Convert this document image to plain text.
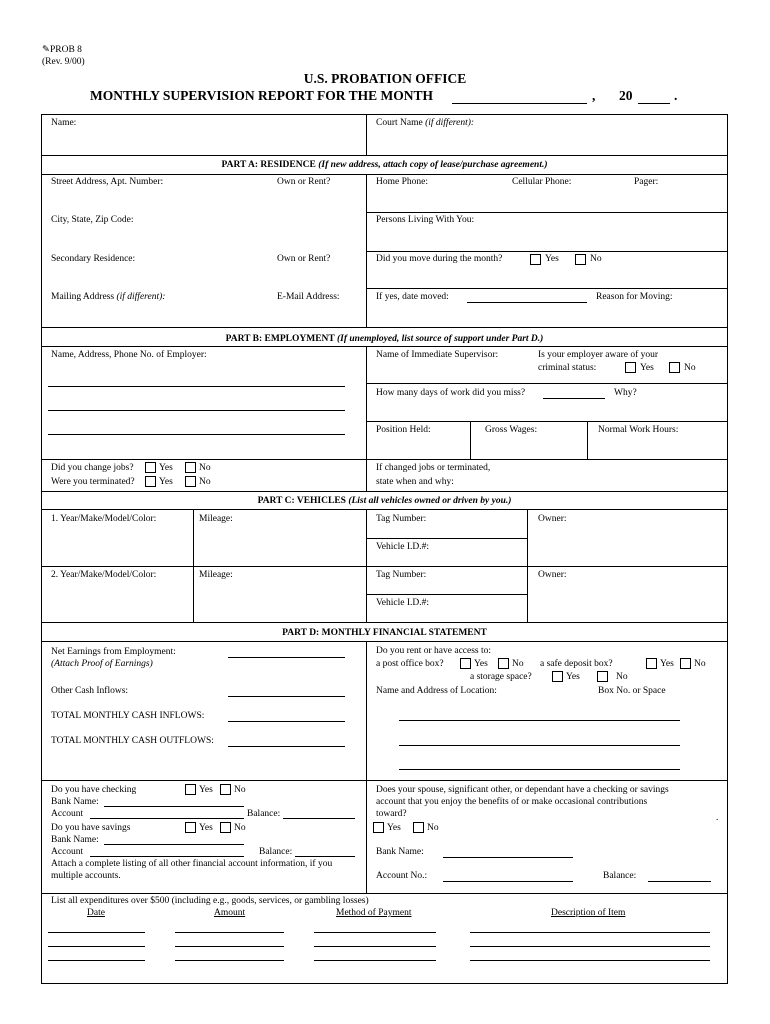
✎PROB 8
(Rev. 9/00)
U.S. PROBATION OFFICE
MONTHLY SUPERVISION REPORT FOR THE MONTH	, 20	.
Name:	Court Name (if different):
PART A: RESIDENCE (If new address, attach copy of lease/purchase agreement.)
Street Address, Apt. Number:	Own or Rent?	Home Phone:	Cellular Phone:	Pager:
City, State, Zip Code:	Persons Living With You:
Secondary Residence:	Own or Rent?	Did you move during the month?	Yes	No
Mailing Address (if different):	E-Mail Address:	If yes, date moved:	Reason for Moving:
PART B: EMPLOYMENT (If unemployed, list source of support under Part D.)
Name, Address, Phone No. of Employer:	Name of Immediate Supervisor:	Is your employer aware of your
criminal status:	Yes	No
How many days of work did you miss?	Why?
Position Held:	Gross Wages:	Normal Work Hours:
Did you change jobs?	Yes	No
Were you terminated?	Yes	No
If changed jobs or terminated,
state when and why:
PART C: VEHICLES (List all vehicles owned or driven by you.)
1. Year/Make/Model/Color:	Mileage:	Tag Number:	Owner:
Vehicle I.D.#:
2. Year/Make/Model/Color:	Mileage:	Tag Number:	Owner:
Vehicle I.D.#:
PART D: MONTHLY FINANCIAL STATEMENT
Net Earnings from Employment:
(Attach Proof of Earnings)
Other Cash Inflows:
TOTAL MONTHLY CASH INFLOWS:
TOTAL MONTHLY CASH OUTFLOWS:
Do you rent or have access to:
a post office box?	Yes	No a safe deposit box?	Yes No
a storage space?	Yes	No
Name and Address of Location:	Box No. or Space
Do you have checking	Yes No
Bank Name:
Account	Balance:
Do you have savings	Yes No
Bank Name:
Account	Balance:
Attach a complete listing of all other financial account information, if you
multiple accounts.
Does your spouse, significant other, or dependant have a checking or savings
account that you enjoy the benefits of or make occasional contributions
toward?	.
Yes	No
Bank Name:
Account No.:	Balance:
List all expenditures over $500 (including e.g., goods, services, or gambling losses)
Date	Amount	Method of Payment	Description of Item
